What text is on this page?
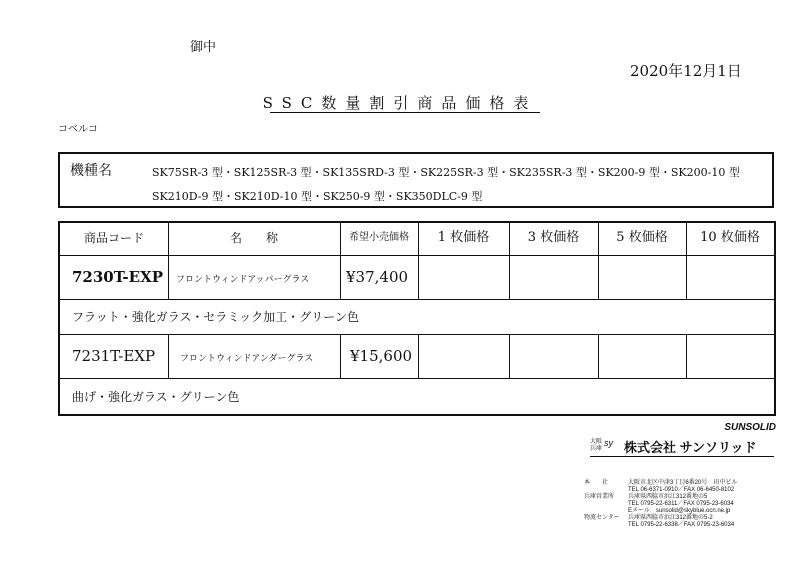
御中
2020年12月1日
SSC数量割引商品価格表
コベルコ
機種名	SK75SR-3 型・SK125SR-3 型・SK135SRD-3 型・SK225SR-3 型・SK235SR-3 型・SK200-9 型・SK200-10 型
SK210D-9 型・SK210D-10 型・SK250-9 型・SK350DLC-9 型
商品コード	名　　称	希望小売価格	1 枚価格	3 枚価格	5 枚価格	10 枚価格
7230T-EXP フロントウィンドアッパーグラス ¥37,400
フラット・強化ガラス・セラミック加工・グリーン色
7231T-EXP	フロントウィンドアンダーグラス ¥15,600
曲げ・強化ガラス・グリーン色
SUNSOLID
大阪
兵庫
sy 株式会社 サンソリッド
本　　社	大阪市北区中津3丁目6番20号　田中ビル
TEL 06-6371-0910／FAX 06-6450-8102
兵庫営業所 兵庫県西脇市浜江312番地の5
TEL 0795-22-6311／FAX 0795-23-6034
Eメール　sunsolid@skyblue.ocn.ne.jp
物流センター 兵庫県西脇市浜江312番地の5-2
TEL 0795-22-6338／FAX 0795-23-6034
